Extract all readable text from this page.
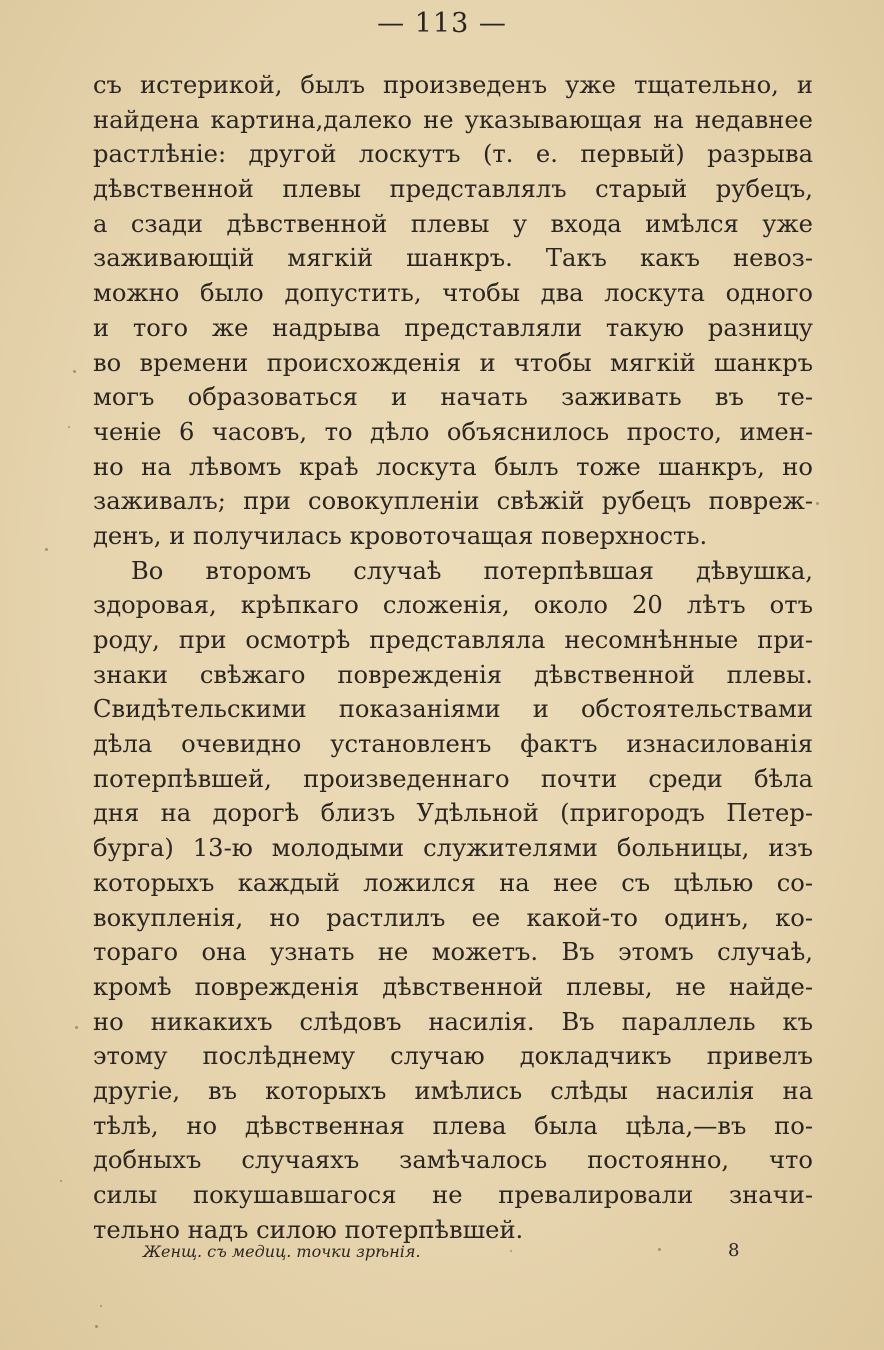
— 113 —
съ истерикой, былъ произведенъ уже тщательно, и
найдена картина,далеко не указывающая на недавнее
растлѣніе: другой лоскутъ (т. е. первый) разрыва
дѣвственной плевы представлялъ старый рубецъ,
а сзади дѣвственной плевы у входа имѣлся уже
заживающій мягкій шанкръ. Такъ какъ невоз-
можно было допустить, чтобы два лоскута одного
и того же надрыва представляли такую разницу
во времени происхожденія и чтобы мягкій шанкръ
могъ образоваться и начать заживать въ те-
ченіе 6 часовъ, то дѣло объяснилось просто, имен-
но на лѣвомъ краѣ лоскута былъ тоже шанкръ, но
заживалъ; при совокупленіи свѣжій рубецъ повреж-
денъ, и получилась кровоточащая поверхность.
Во второмъ случаѣ потерпѣвшая дѣвушка,
здоровая, крѣпкаго сложенія, около 20 лѣтъ отъ
роду, при осмотрѣ представляла несомнѣнные при-
знаки свѣжаго поврежденія дѣвственной плевы.
Свидѣтельскими показаніями и обстоятельствами
дѣла очевидно установленъ фактъ изнасилованія
потерпѣвшей, произведеннаго почти среди бѣла
дня на дорогѣ близъ Удѣльной (пригородъ Петер-
бурга) 13-ю молодыми служителями больницы, изъ
которыхъ каждый ложился на нее съ цѣлью со-
вокупленія, но растлилъ ее какой-то одинъ, ко-
тораго она узнать не можетъ. Въ этомъ случаѣ,
кромѣ поврежденія дѣвственной плевы, не найде-
но никакихъ слѣдовъ насилія. Въ параллель къ
этому послѣднему случаю докладчикъ привелъ
другіе, въ которыхъ имѣлись слѣды насилія на
тѣлѣ, но дѣвственная плева была цѣла,—въ по-
добныхъ случаяхъ замѣчалось постоянно, что
силы покушавшагося не превалировали значи-
тельно надъ силою потерпѣвшей.
Женщ. съ медиц. точки зрѣнія.	8
